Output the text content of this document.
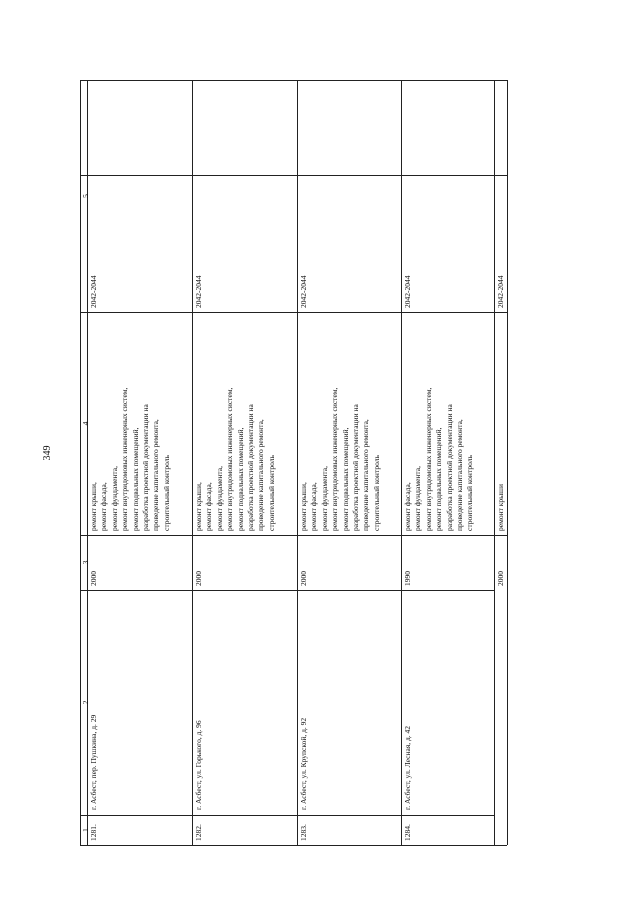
349
1
2
3
4
5
1281.
г. Асбест, пер. Пушкина, д. 29
2000
ремонт крыши, ремонт фасада, ремонт фундамента, ремонт внутридомовых инженерных систем, ремонт подвальных помещений, разработка проектной документации на проведение капитального ремонта, строительный контроль
2042-2044
1282.
г. Асбест, ул. Горького, д. 96
2000
ремонт крыши, ремонт фасада, ремонт фундамента, ремонт внутридомовых инженерных систем, ремонт подвальных помещений, разработка проектной документации на проведение капитального ремонта, строительный контроль
2042-2044
1283.
г. Асбест, ул. Крупской, д. 92
2000
ремонт крыши, ремонт фасада, ремонт фундамента, ремонт внутридомовых инженерных систем, ремонт подвальных помещений, разработка проектной документации на проведение капитального ремонта, строительный контроль
2042-2044
1284.
г. Асбест, ул. Лесная, д. 42
1990
ремонт фасада, ремонт фундамента, ремонт внутридомовых инженерных систем, ремонт подвальных помещений, разработка проектной документации на проведение капитального ремонта, строительный контроль
2042-2044
2000
ремонт крыши
2042-2044
